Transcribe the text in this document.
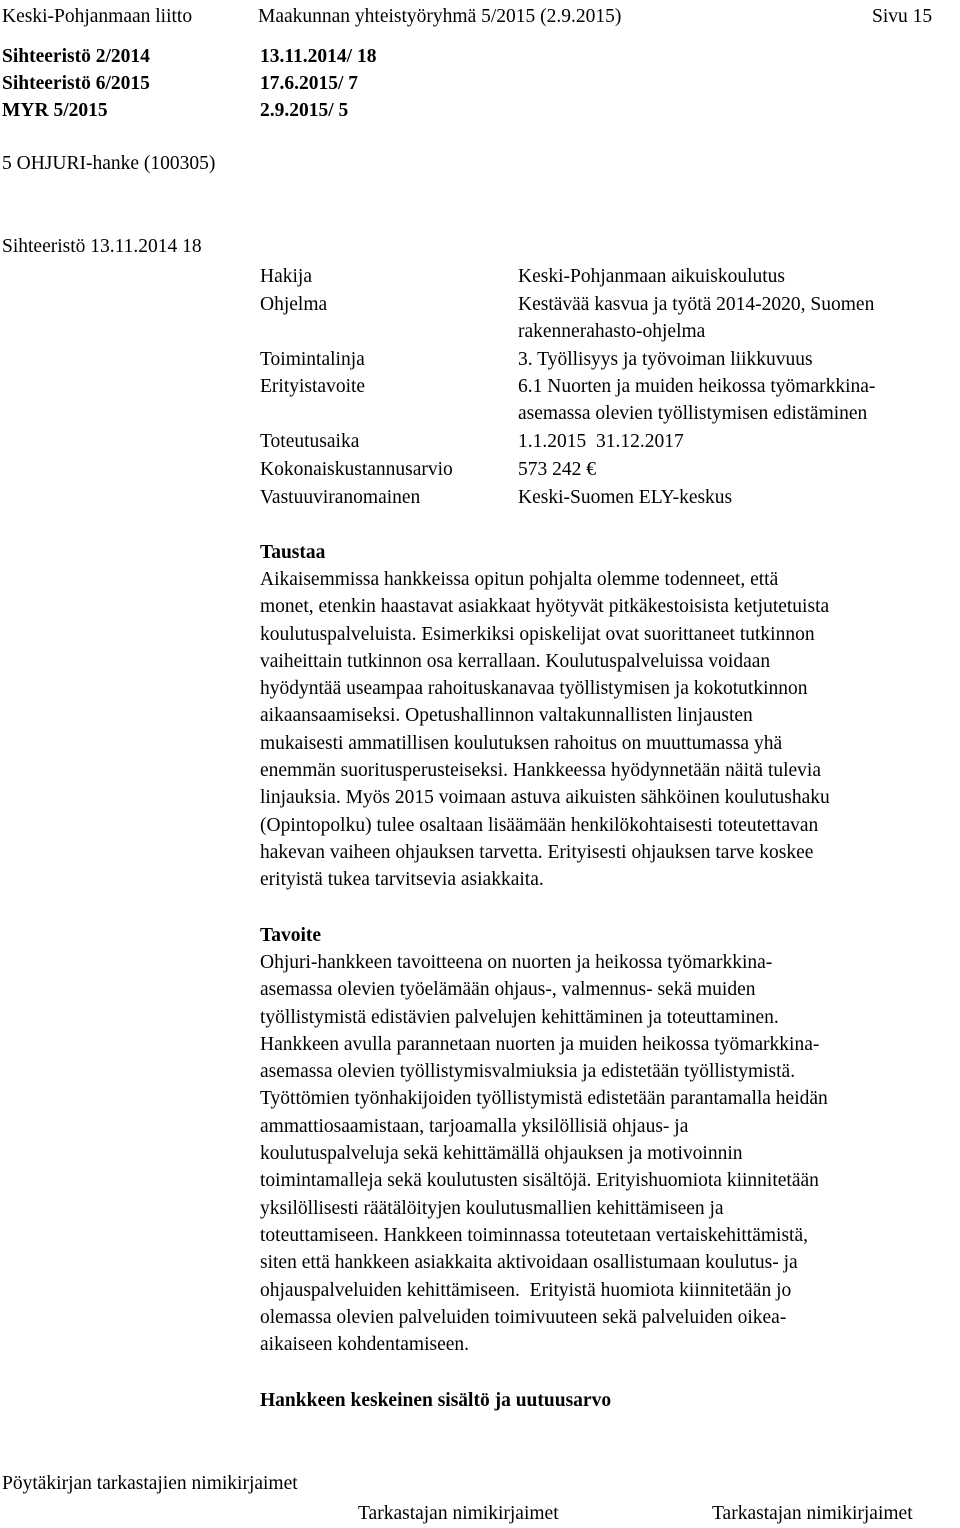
Keski-Pohjanmaan liitto	Maakunnan yhteistyöryhmä 5/2015 (2.9.2015)	Sivu 15
Sihteeristö 2/2014	13.11.2014/ 18
Sihteeristö 6/2015	17.6.2015/ 7
MYR 5/2015	2.9.2015/ 5
5 OHJURI-hanke (100305)
Sihteeristö 13.11.2014 18
Hakija	Keski-Pohjanmaan aikuiskoulutus
Ohjelma	Kestävää kasvua ja työtä 2014-2020, Suomen
rakennerahasto-ohjelma
Toimintalinja	3. Työllisyys ja työvoiman liikkuvuus
Erityistavoite	6.1 Nuorten ja muiden heikossa työmarkkina-
asemassa olevien työllistymisen edistäminen
Toteutusaika	1.1.2015  31.12.2017
Kokonaiskustannusarvio	573 242 €
Vastuuviranomainen	Keski-Suomen ELY-keskus
Taustaa
Aikaisemmissa hankkeissa opitun pohjalta olemme todenneet, että
monet, etenkin haastavat asiakkaat hyötyvät pitkäkestoisista ketjutetuista
koulutuspalveluista. Esimerkiksi opiskelijat ovat suorittaneet tutkinnon
vaiheittain tutkinnon osa kerrallaan. Koulutuspalveluissa voidaan
hyödyntää useampaa rahoituskanavaa työllistymisen ja kokotutkinnon
aikaansaamiseksi. Opetushallinnon valtakunnallisten linjausten
mukaisesti ammatillisen koulutuksen rahoitus on muuttumassa yhä
enemmän suoritusperusteiseksi. Hankkeessa hyödynnetään näitä tulevia
linjauksia. Myös 2015 voimaan astuva aikuisten sähköinen koulutushaku
(Opintopolku) tulee osaltaan lisäämään henkilökohtaisesti toteutettavan
hakevan vaiheen ohjauksen tarvetta. Erityisesti ohjauksen tarve koskee
erityistä tukea tarvitsevia asiakkaita.
Tavoite
Ohjuri-hankkeen tavoitteena on nuorten ja heikossa työmarkkina-
asemassa olevien työelämään ohjaus-, valmennus- sekä muiden
työllistymistä edistävien palvelujen kehittäminen ja toteuttaminen.
Hankkeen avulla parannetaan nuorten ja muiden heikossa työmarkkina-
asemassa olevien työllistymisvalmiuksia ja edistetään työllistymistä.
Työttömien työnhakijoiden työllistymistä edistetään parantamalla heidän
ammattiosaamistaan, tarjoamalla yksilöllisiä ohjaus- ja
koulutuspalveluja sekä kehittämällä ohjauksen ja motivoinnin
toimintamalleja sekä koulutusten sisältöjä. Erityishuomiota kiinnitetään
yksilöllisesti räätälöityjen koulutusmallien kehittämiseen ja
toteuttamiseen. Hankkeen toiminnassa toteutetaan vertaiskehittämistä,
siten että hankkeen asiakkaita aktivoidaan osallistumaan koulutus- ja
ohjauspalveluiden kehittämiseen.  Erityistä huomiota kiinnitetään jo
olemassa olevien palveluiden toimivuuteen sekä palveluiden oikea-
aikaiseen kohdentamiseen.
Hankkeen keskeinen sisältö ja uutuusarvo
Pöytäkirjan tarkastajien nimikirjaimet
Tarkastajan nimikirjaimet	Tarkastajan nimikirjaimet
